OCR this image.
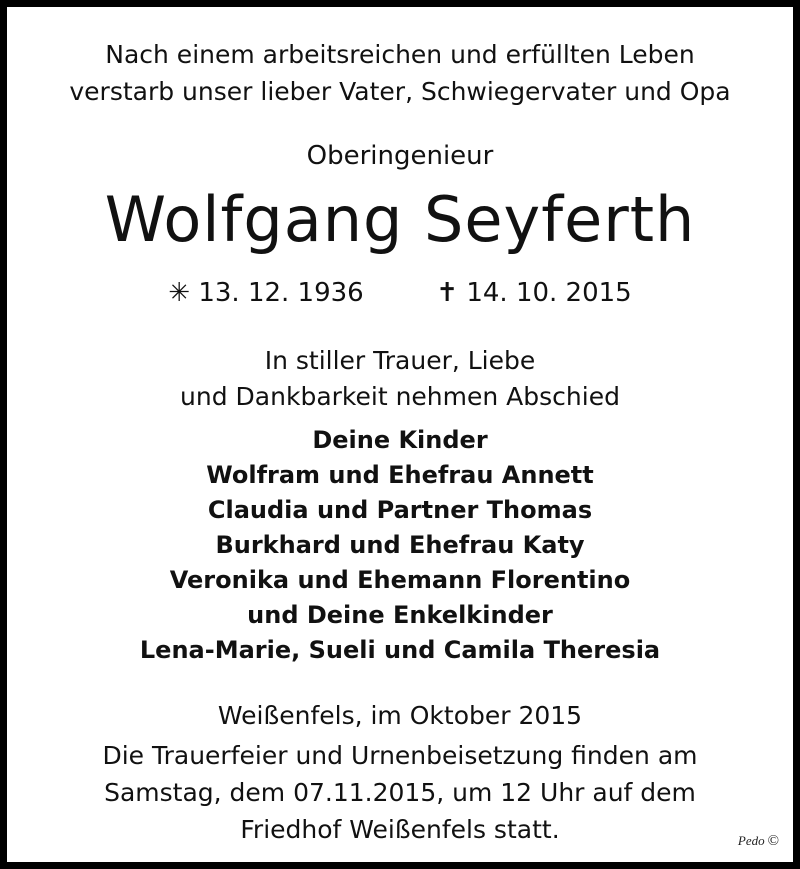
Nach einem arbeitsreichen und erfüllten Leben
verstarb unser lieber Vater, Schwiegervater und Opa
Oberingenieur
Wolfgang Seyferth
✳ 13. 12. 1936	✝ 14. 10. 2015
In stiller Trauer, Liebe
und Dankbarkeit nehmen Abschied
Deine Kinder
Wolfram und Ehefrau Annett
Claudia und Partner Thomas
Burkhard und Ehefrau Katy
Veronika und Ehemann Florentino
und Deine Enkelkinder
Lena-Marie, Sueli und Camila Theresia
Weißenfels, im Oktober 2015
Die Trauerfeier und Urnenbeisetzung finden am
Samstag, dem 07.11.2015, um 12 Uhr auf dem
Friedhof Weißenfels statt.	Pedo ©
